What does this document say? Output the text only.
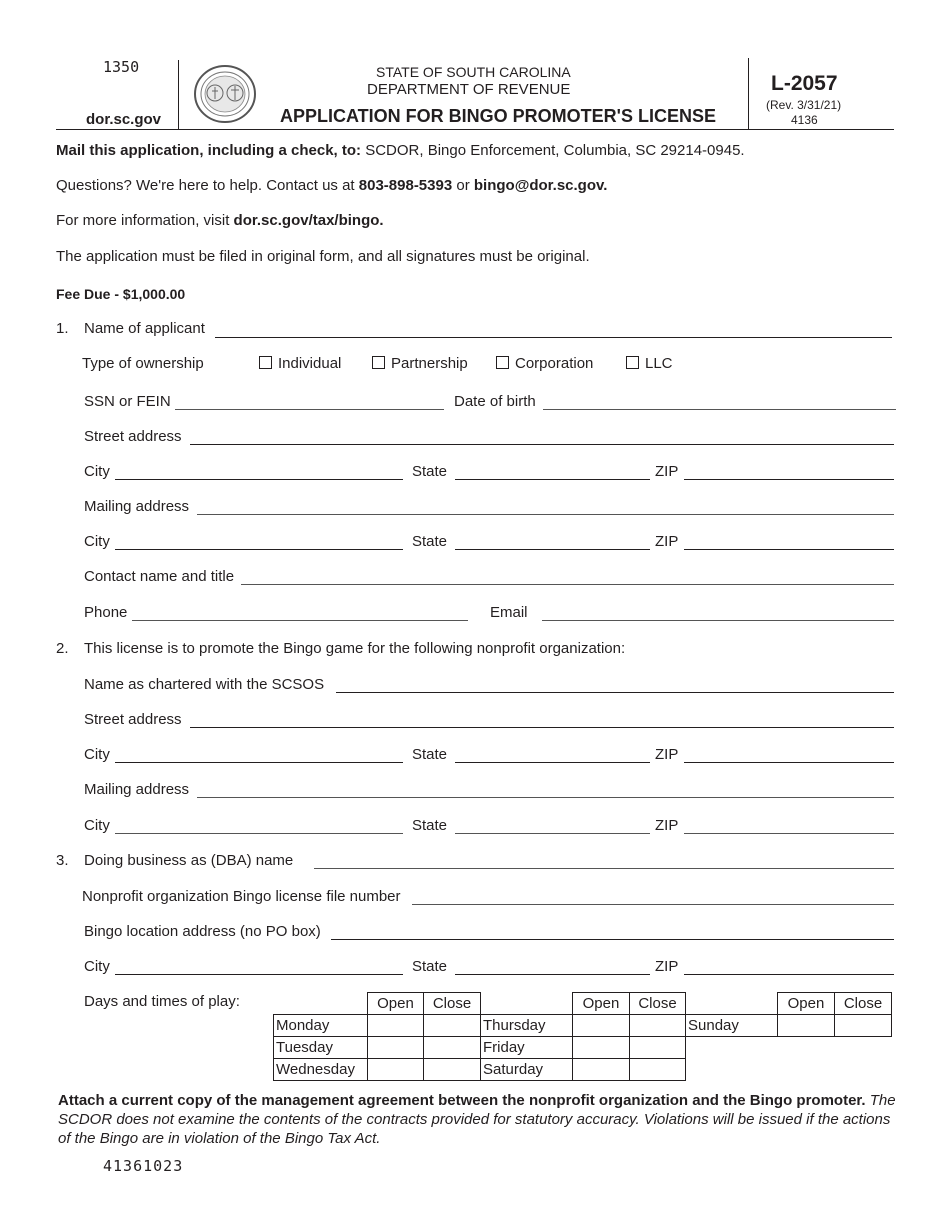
1350
dor.sc.gov
STATE OF SOUTH CAROLINA
DEPARTMENT OF REVENUE
APPLICATION FOR BINGO PROMOTER'S LICENSE
L-2057
(Rev. 3/31/21)
4136
Mail this application, including a check, to: SCDOR, Bingo Enforcement, Columbia, SC 29214-0945.
Questions? We're here to help. Contact us at 803-898-5393 or bingo@dor.sc.gov.
For more information, visit dor.sc.gov/tax/bingo.
The application must be filed in original form, and all signatures must be original.
Fee Due - $1,000.00
1. Name of applicant
Type of ownership	Individual	Partnership	Corporation	LLC
SSN or FEIN	Date of birth
Street address
City	State	ZIP
Mailing address
City	State	ZIP
Contact name and title
Phone	Email
2. This license is to promote the Bingo game for the following nonprofit organization:
Name as chartered with the SCSOS
Street address
City	State	ZIP
Mailing address
City	State	ZIP
3. Doing business as (DBA) name
Nonprofit organization Bingo license file number
Bingo location address (no PO box)
City	State	ZIP
Days and times of play:
		Open	Close		Open	Close		Open	Close
Monday			Thursday			Sunday		
Tuesday			Friday					
Wednesday			Saturday					
Attach a current copy of the management agreement between the nonprofit organization and the Bingo promoter. The SCDOR does not examine the contents of the contracts provided for statutory accuracy. Violations will be issued if the actions of the Bingo are in violation of the Bingo Tax Act.
41361023
